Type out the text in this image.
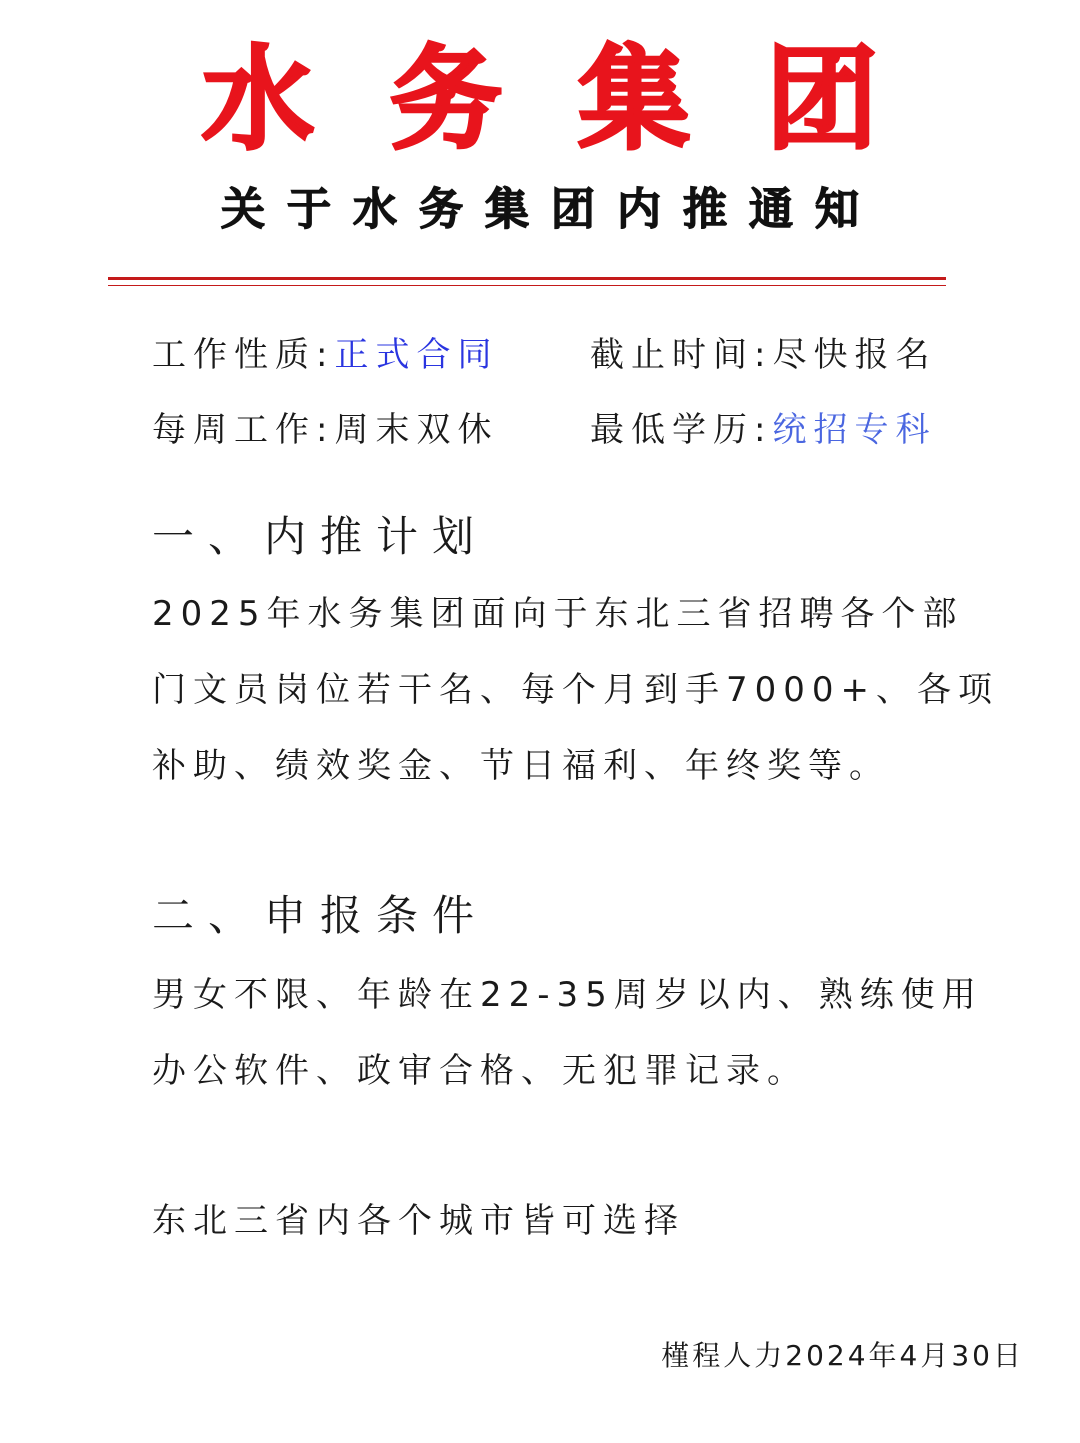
水务集团
关于水务集团内推通知
工作性质:正式合同	截止时间:尽快报名
每周工作:周末双休	最低学历:统招专科
一、内推计划
2025年水务集团面向于东北三省招聘各个部
门文员岗位若干名、每个月到手7000+、各项
补助、绩效奖金、节日福利、年终奖等。
二、申报条件
男女不限、年龄在22-35周岁以内、熟练使用
办公软件、政审合格、无犯罪记录。
东北三省内各个城市皆可选择
槿程人力2024年4月30日
